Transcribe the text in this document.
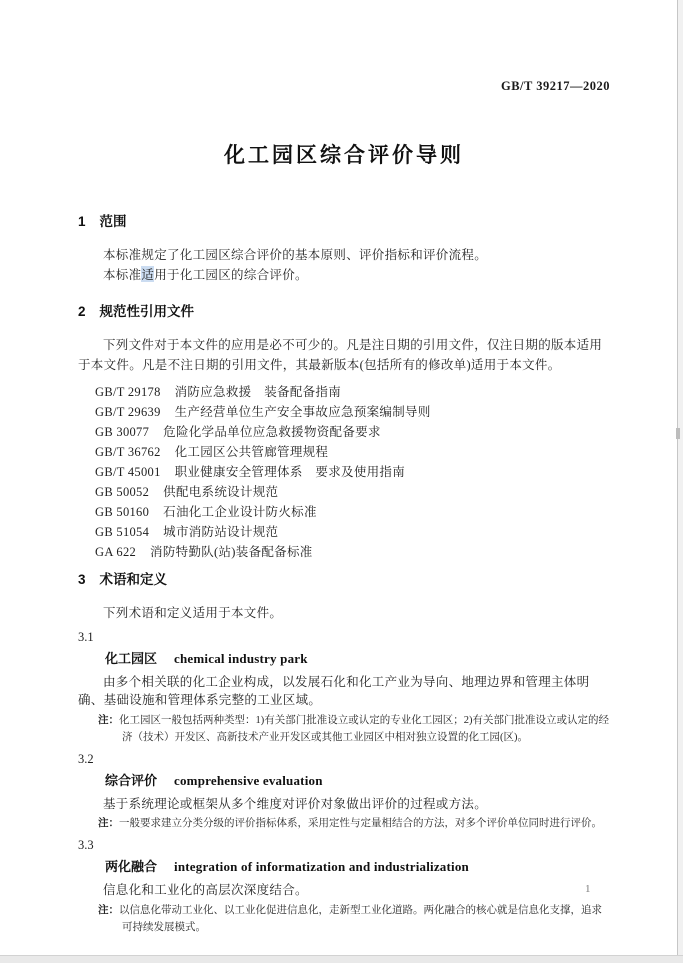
GB/T 39217—2020
化工园区综合评价导则
1 范围

本标准规定了化工园区综合评价的基本原则、评价指标和评价流程。

本标准适用于化工园区的综合评价。

2 规范性引用文件

下列文件对于本文件的应用是必不可少的。凡是注日期的引用文件，仅注日期的版本适用于本文件。凡是不注日期的引用文件，其最新版本(包括所有的修改单)适用于本文件。

GB/T 29178 消防应急救援　装备配备指南
GB/T 29639 生产经营单位生产安全事故应急预案编制导则
GB 30077 危险化学品单位应急救援物资配备要求
GB/T 36762 化工园区公共管廊管理规程
GB/T 45001 职业健康安全管理体系　要求及使用指南
GB 50052 供配电系统设计规范
GB 50160 石油化工企业设计防火标准
GB 51054 城市消防站设计规范
GA 622 消防特勤队(站)装备配备标准
3 术语和定义

下列术语和定义适用于本文件。

3.1
化工园区 chemical industry park

由多个相关联的化工企业构成，以发展石化和化工产业为导向、地理边界和管理主体明确、基础设施和管理体系完整的工业区域。

注：化工园区一般包括两种类型：1)有关部门批准设立或认定的专业化工园区；2)有关部门批准设立或认定的经济（技术）开发区、高新技术产业开发区或其他工业园区中相对独立设置的化工园(区)。

3.2
综合评价 comprehensive evaluation

基于系统理论或框架从多个维度对评价对象做出评价的过程或方法。

注：一般要求建立分类分级的评价指标体系，采用定性与定量相结合的方法，对多个评价单位同时进行评价。

3.3
两化融合 integration of informatization and industrialization

信息化和工业化的高层次深度结合。

注：以信息化带动工业化、以工业化促进信息化，走新型工业化道路。两化融合的核心就是信息化支撑，追求可持续发展模式。

1
